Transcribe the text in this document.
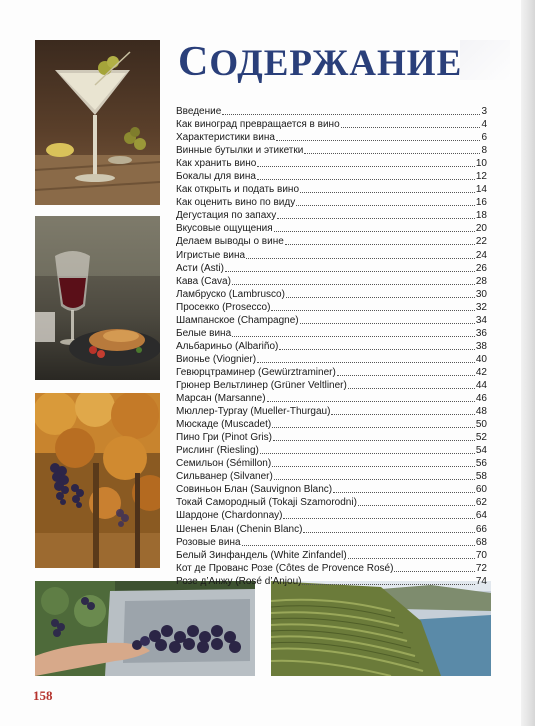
СОДЕРЖАНИЕ
Введение	3
Как виноград превращается в вино	4
Характеристики вина	6
Винные бутылки и этикетки	8
Как хранить вино	10
Бокалы для вина	12
Как открыть и подать вино	14
Как оценить вино по виду	16
Дегустация по запаху	18
Вкусовые ощущения	20
Делаем выводы о вине	22
Игристые вина	24
Асти (Asti)	26
Кава (Cava)	28
Ламбруско (Lambrusco)	30
Просекко (Prosecco)	32
Шампанское (Champagne)	34
Белые вина	36
Альбариньо (Albariño)	38
Вионье (Viognier)	40
Гевюрцтраминер (Gewürztraminer)	42
Грюнер Вельтлинер (Grüner Veltliner)	44
Марсан (Marsanne)	46
Мюллер-Тургау (Mueller-Thurgau)	48
Мюскаде (Muscadet)	50
Пино Гри (Pinot Gris)	52
Рислинг (Riesling)	54
Семильон (Sémillon)	56
Сильванер (Silvaner)	58
Совиньон Блан (Sauvignon Blanc)	60
Токай Самородный (Tokaji Szamorodni)	62
Шардоне (Chardonnay)	64
Шенен Блан (Chenin Blanc)	66
Розовые вина	68
Белый Зинфандель (White Zinfandel)	70
Кот де Прованс Розе (Côtes de Provence Rosé)	72
Розе д’Анжу (Rosé d’Anjou)	74
158
